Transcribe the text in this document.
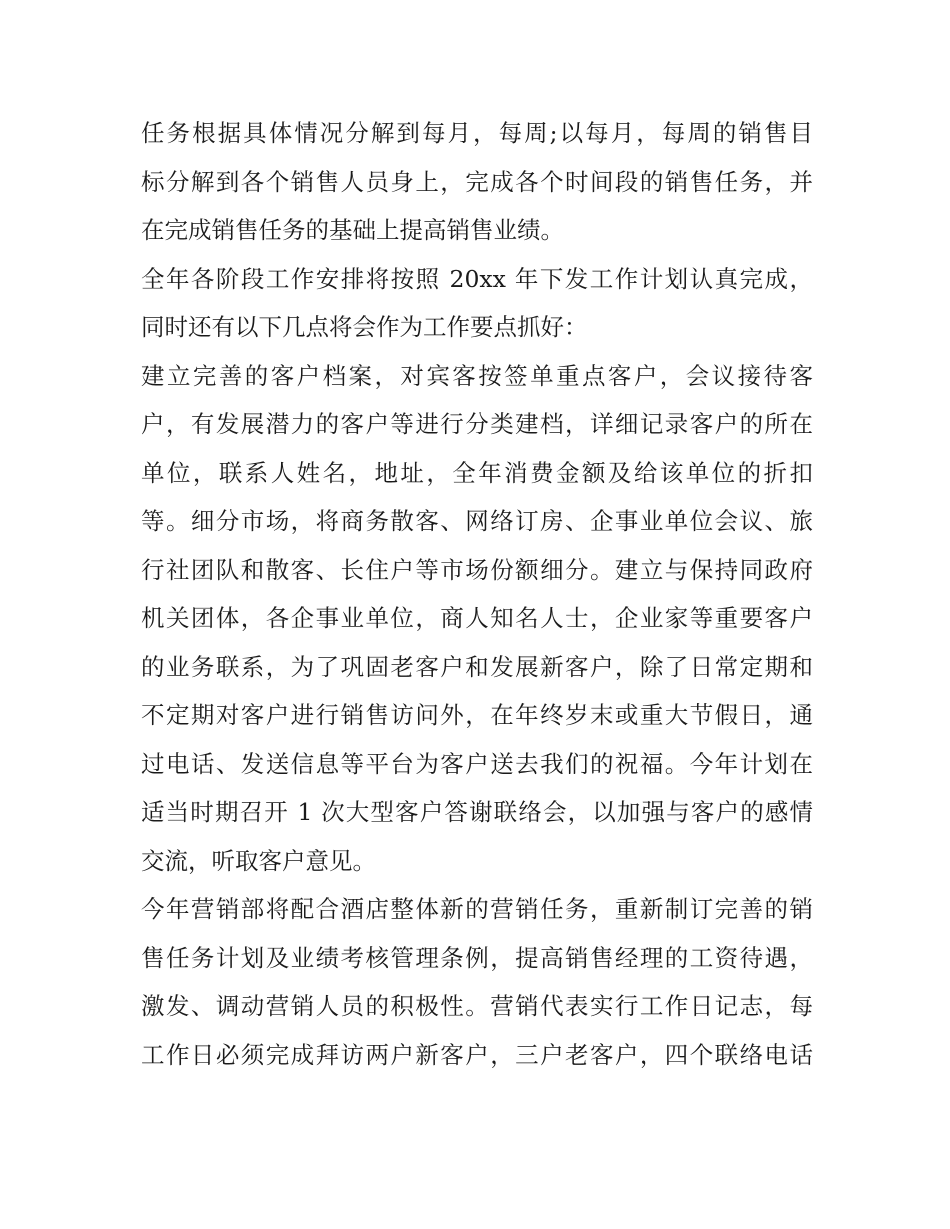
任务根据具体情况分解到每月，每周;以每月，每周的销售目
标分解到各个销售人员身上，完成各个时间段的销售任务，并
在完成销售任务的基础上提高销售业绩。
全年各阶段工作安排将按照 20xx 年下发工作计划认真完成，
同时还有以下几点将会作为工作要点抓好：
建立完善的客户档案，对宾客按签单重点客户，会议接待客
户，有发展潜力的客户等进行分类建档，详细记录客户的所在
单位，联系人姓名，地址，全年消费金额及给该单位的折扣
等。细分市场，将商务散客、网络订房、企事业单位会议、旅
行社团队和散客、长住户等市场份额细分。建立与保持同政府
机关团体，各企事业单位，商人知名人士，企业家等重要客户
的业务联系，为了巩固老客户和发展新客户，除了日常定期和
不定期对客户进行销售访问外，在年终岁末或重大节假日，通
过电话、发送信息等平台为客户送去我们的祝福。今年计划在
适当时期召开 1 次大型客户答谢联络会，以加强与客户的感情
交流，听取客户意见。
今年营销部将配合酒店整体新的营销任务，重新制订完善的销
售任务计划及业绩考核管理条例，提高销售经理的工资待遇，
激发、调动营销人员的积极性。营销代表实行工作日记志，每
工作日必须完成拜访两户新客户，三户老客户，四个联络电话
